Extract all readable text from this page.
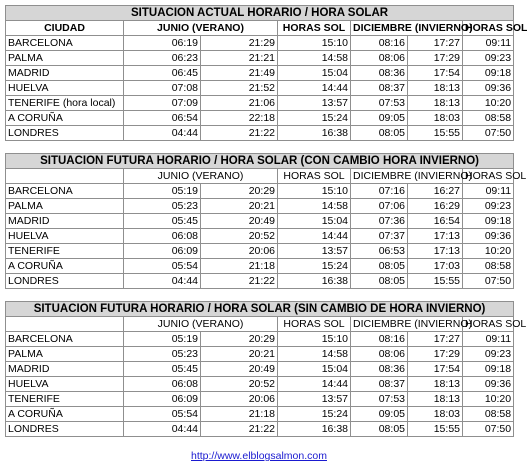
SITUACION ACTUAL HORARIO / HORA SOLAR						
CIUDAD	JUNIO (VERANO)		HORAS SOL	DICIEMBRE (INVIERNO)		HORAS SOL
BARCELONA	06:19	21:29	15:10	08:16	17:27	09:11
PALMA	06:23	21:21	14:58	08:06	17:29	09:23
MADRID	06:45	21:49	15:04	08:36	17:54	09:18
HUELVA	07:08	21:52	14:44	08:37	18:13	09:36
TENERIFE (hora local)	07:09	21:06	13:57	07:53	18:13	10:20
A CORUÑA	06:54	22:18	15:24	09:05	18:03	08:58
LONDRES	04:44	21:22	16:38	08:05	15:55	07:50

SITUACION FUTURA HORARIO / HORA SOLAR (CON CAMBIO HORA INVIERNO)						
	JUNIO (VERANO)		HORAS SOL	DICIEMBRE (INVIERNO)		HORAS SOL
BARCELONA	05:19	20:29	15:10	07:16	16:27	09:11
PALMA	05:23	20:21	14:58	07:06	16:29	09:23
MADRID	05:45	20:49	15:04	07:36	16:54	09:18
HUELVA	06:08	20:52	14:44	07:37	17:13	09:36
TENERIFE	06:09	20:06	13:57	06:53	17:13	10:20
A CORUÑA	05:54	21:18	15:24	08:05	17:03	08:58
LONDRES	04:44	21:22	16:38	08:05	15:55	07:50

SITUACION FUTURA HORARIO / HORA SOLAR (SIN CAMBIO DE HORA INVIERNO)						
	JUNIO (VERANO)		HORAS SOL	DICIEMBRE (INVIERNO)		HORAS SOL
BARCELONA	05:19	20:29	15:10	08:16	17:27	09:11
PALMA	05:23	20:21	14:58	08:06	17:29	09:23
MADRID	05:45	20:49	15:04	08:36	17:54	09:18
HUELVA	06:08	20:52	14:44	08:37	18:13	09:36
TENERIFE	06:09	20:06	13:57	07:53	18:13	10:20
A CORUÑA	05:54	21:18	15:24	09:05	18:03	08:58
LONDRES	04:44	21:22	16:38	08:05	15:55	07:50
http://www.elblogsalmon.com
